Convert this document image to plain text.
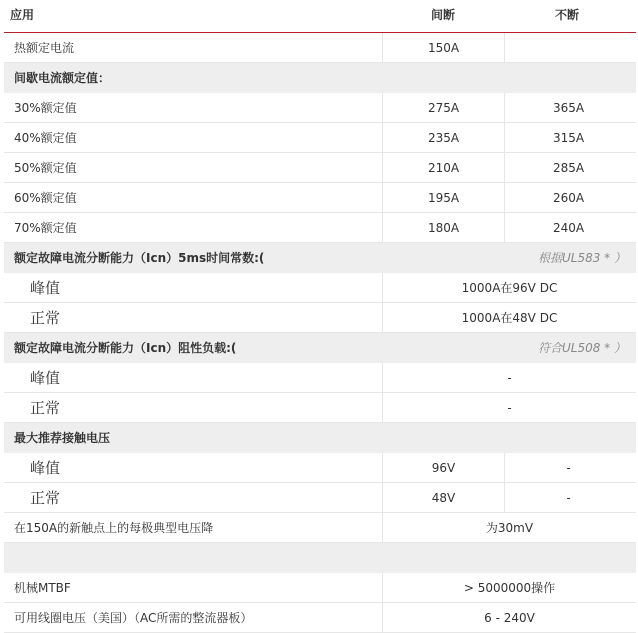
应用	间断	不断
热额定电流	150A
间歇电流额定值：
30%额定值	275A	365A
40%额定值	235A	315A
50%额定值	210A	285A
60%额定值	195A	260A
70%额定值	180A	240A
额定故障电流分断能力（Icn）5ms时间常数:(	根据UL583 * ）
峰值	1000A在96V DC
正常	1000A在48V DC
额定故障电流分断能力（Icn）阻性负载:(	符合UL508 * ）
峰值	-
正常	-
最大推荐接触电压
峰值	96V	-
正常	48V	-
在150A的新触点上的每极典型电压降	为30mV
机械MTBF	> 5000000操作
可用线圈电压（美国）（AC所需的整流器板）	6 - 240V
